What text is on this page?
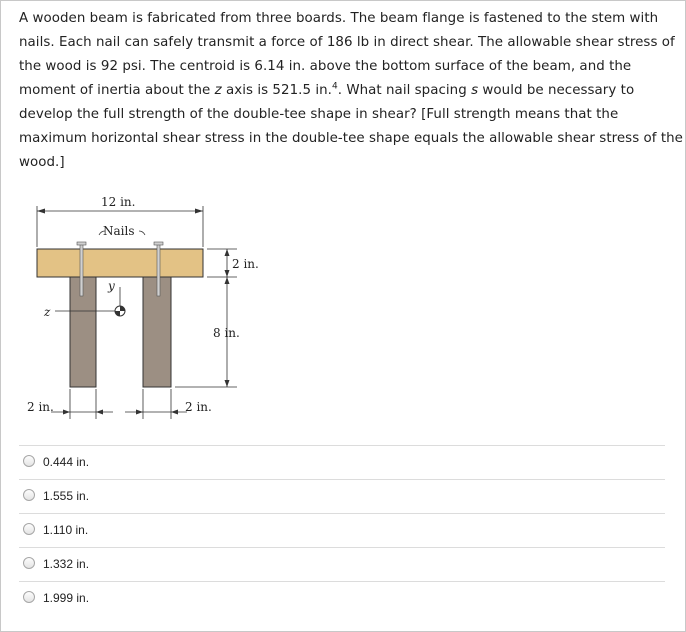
A wooden beam is fabricated from three boards. The beam flange is fastened to the stem with
nails. Each nail can safely transmit a force of 186 lb in direct shear. The allowable shear stress of
the wood is 92 psi. The centroid is 6.14 in. above the bottom surface of the beam, and the
moment of inertia about the z axis is 521.5 in.$^4$. What nail spacing s would be necessary to
develop the full strength of the double-tee shape in shear? [Full strength means that the
maximum horizontal shear stress in the double-tee shape equals the allowable shear stress of the
wood.]
12 in.
Nails
2 in.
8 in.
y
z
2 in.	2 in.
0.444 in.
1.555 in.
1.110 in.
1.332 in.
1.999 in.
